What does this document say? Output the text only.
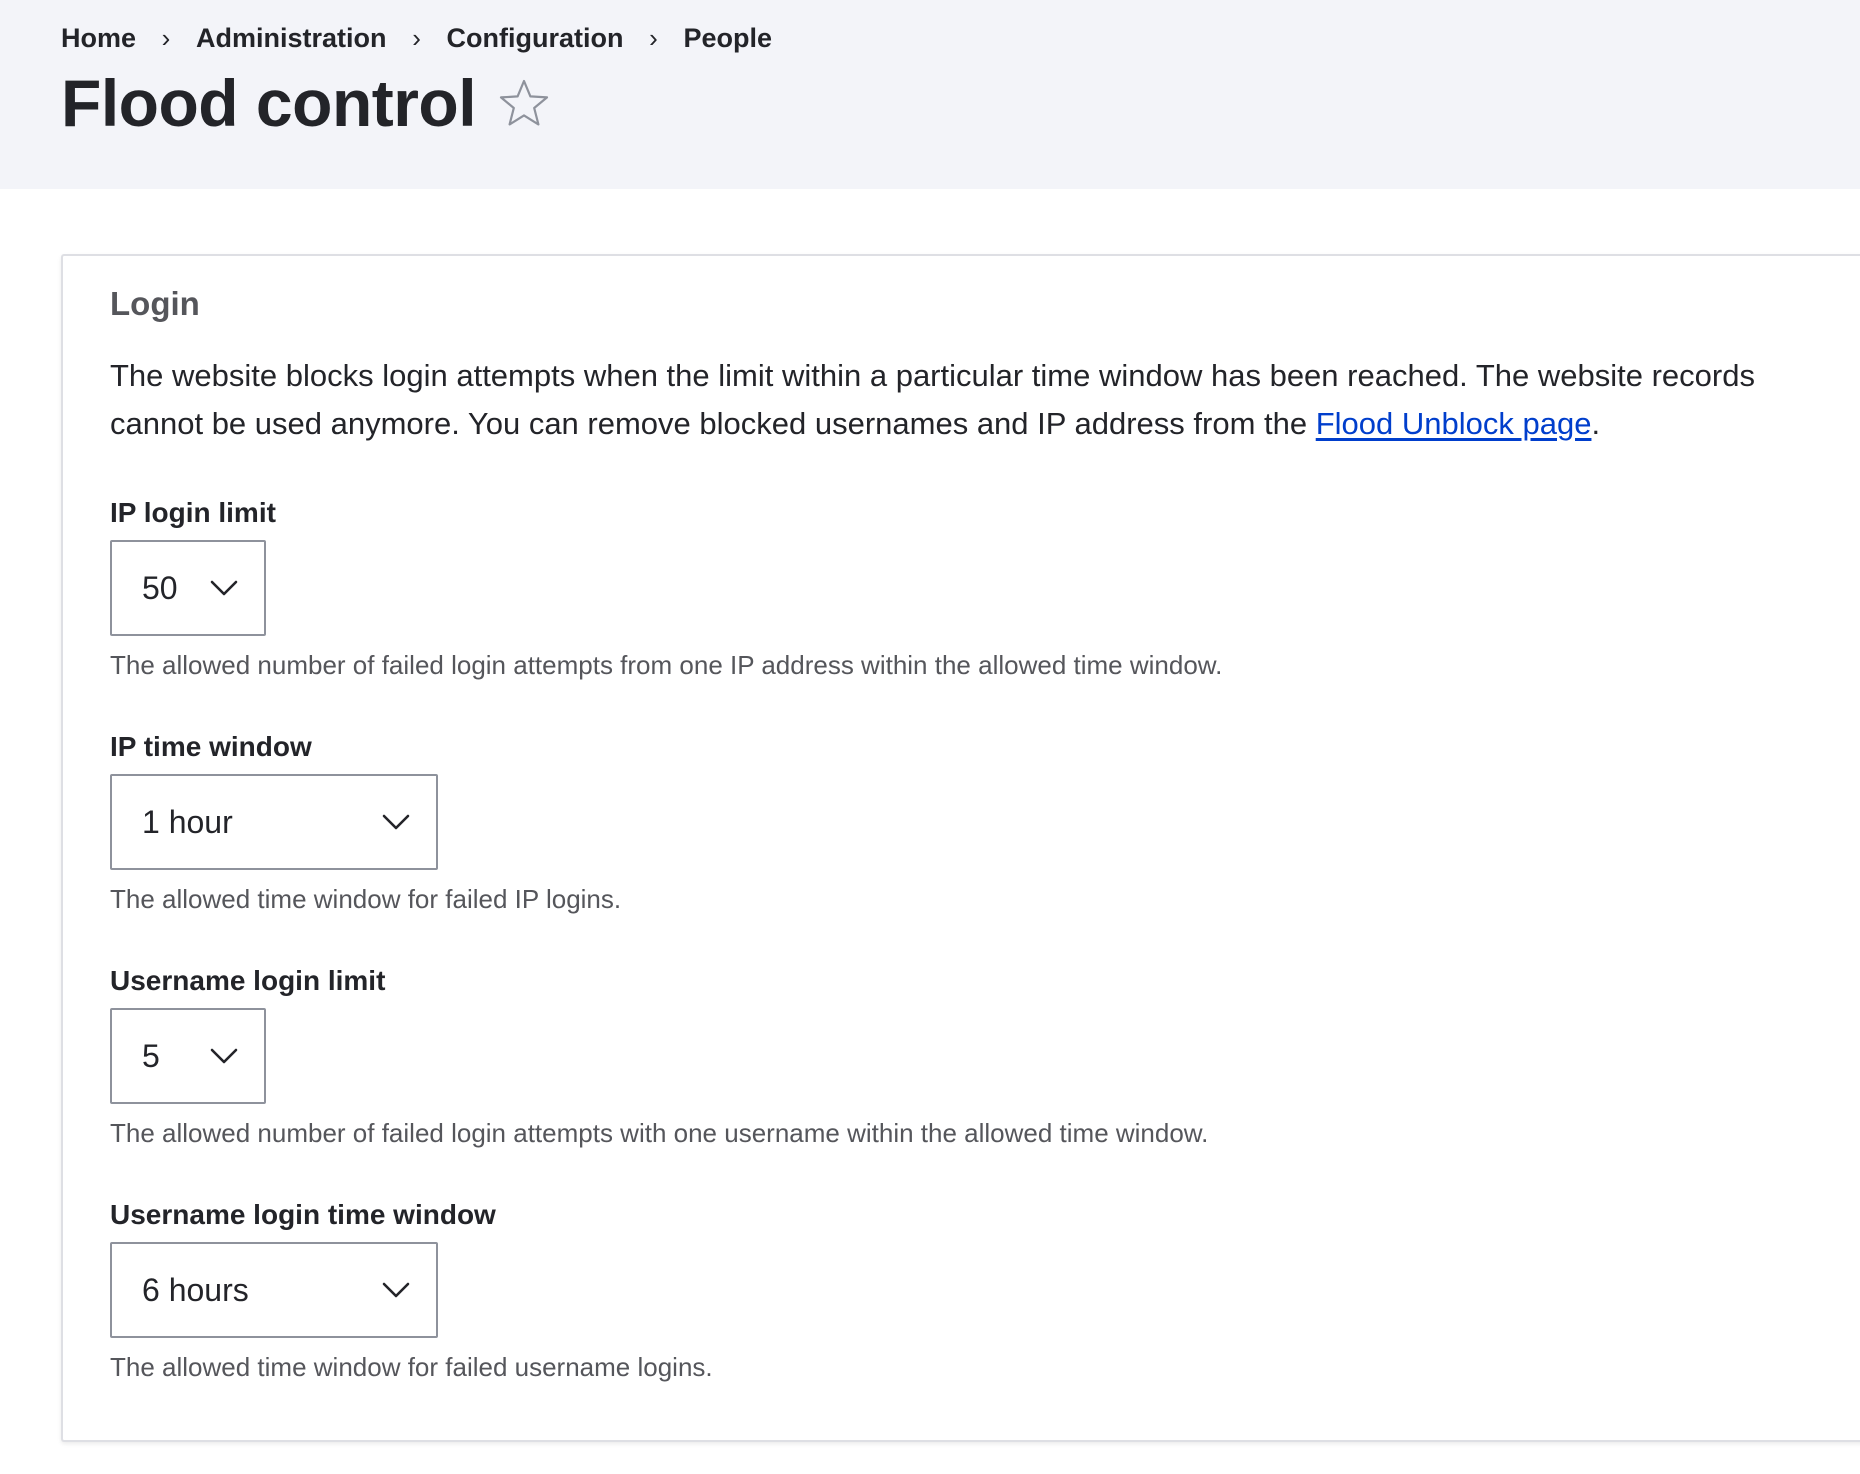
Home › Administration › Configuration › People
Flood control
Login
The website blocks login attempts when the limit within a particular time window has been reached. The website records
cannot be used anymore. You can remove blocked usernames and IP address from the Flood Unblock page.
IP login limit
50
The allowed number of failed login attempts from one IP address within the allowed time window.
IP time window
1 hour
The allowed time window for failed IP logins.
Username login limit
5
The allowed number of failed login attempts with one username within the allowed time window.
Username login time window
6 hours
The allowed time window for failed username logins.
